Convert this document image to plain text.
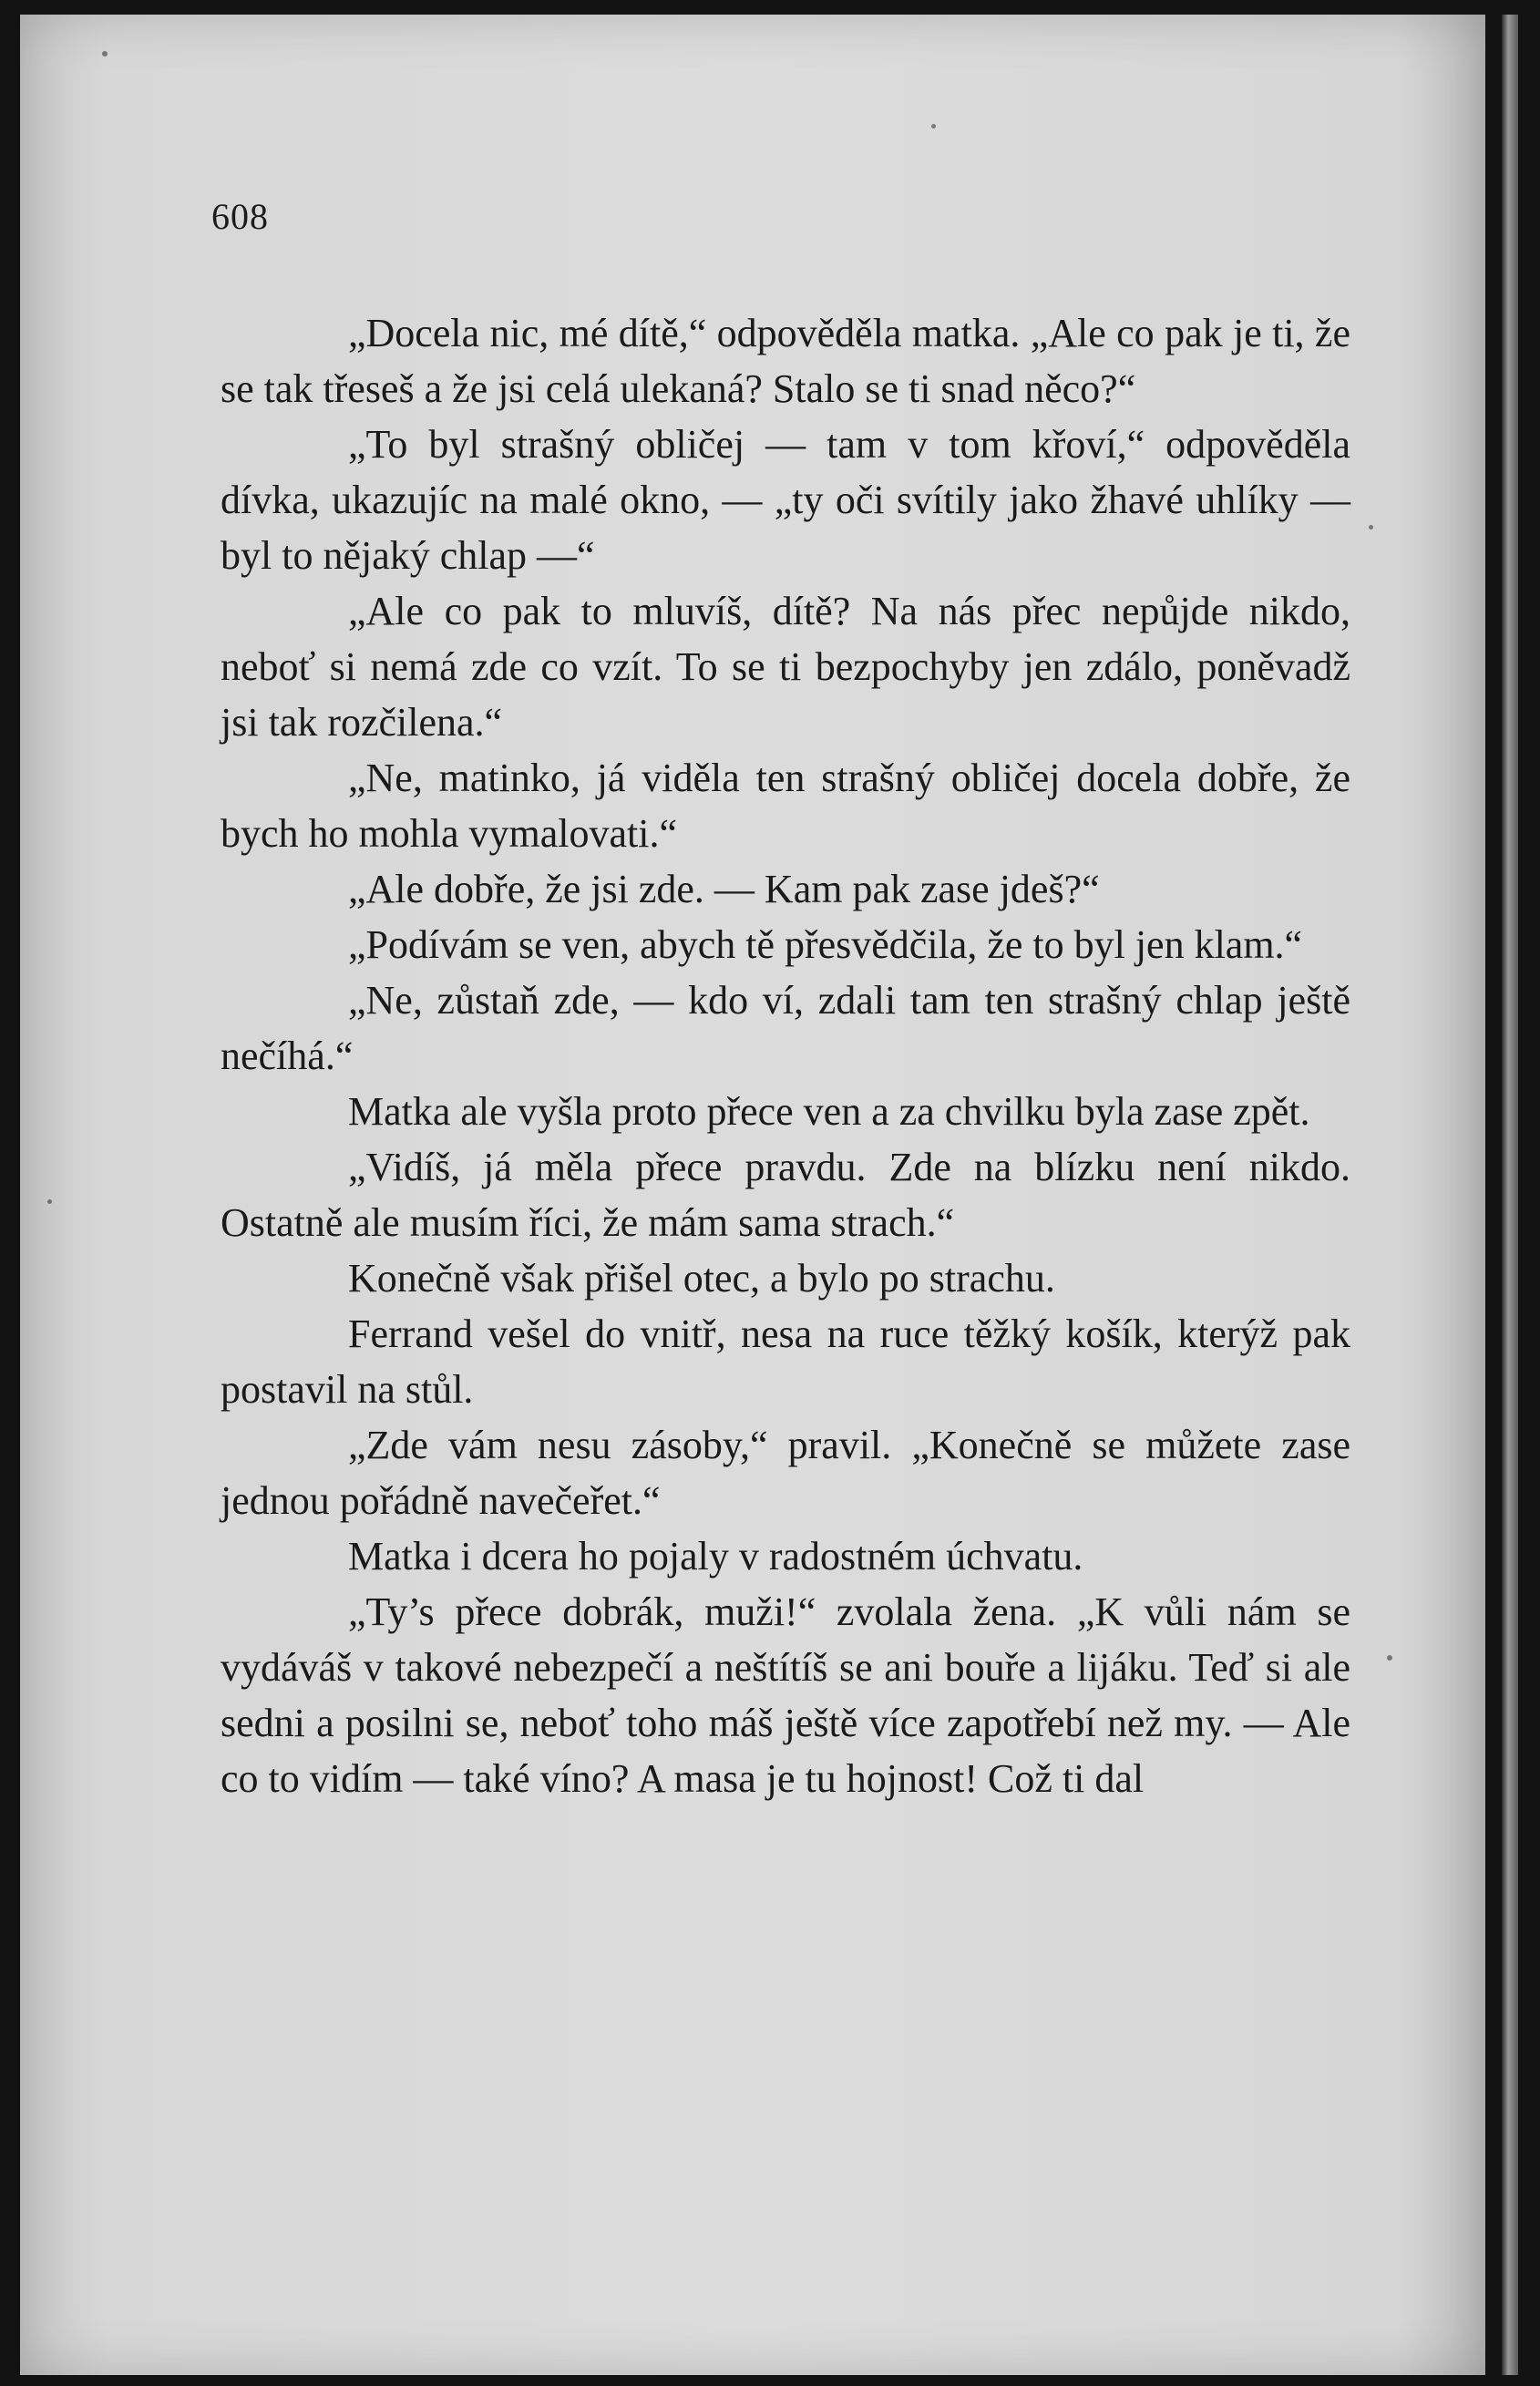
608

„Docela nic, mé dítě,“ odpověděla matka. „Ale co pak je ti, že se tak třeseš a že jsi celá ulekaná? Stalo se ti snad něco?“

„To byl strašný obličej — tam v tom křoví,“ odpověděla dívka, ukazujíc na malé okno, — „ty oči svítily jako žhavé uhlíky — byl to nějaký chlap —“

„Ale co pak to mluvíš, dítě? Na nás přec nepůjde nikdo, neboť si nemá zde co vzít. To se ti bezpochyby jen zdálo, poněvadž jsi tak rozčilena.“

„Ne, matinko, já viděla ten strašný obličej docela dobře, že bych ho mohla vymalovati.“

„Ale dobře, že jsi zde. — Kam pak zase jdeš?“

„Podívám se ven, abych tě přesvědčila, že to byl jen klam.“

„Ne, zůstaň zde, — kdo ví, zdali tam ten strašný chlap ještě nečíhá.“

Matka ale vyšla proto přece ven a za chvilku byla zase zpět.

„Vidíš, já měla přece pravdu. Zde na blízku není nikdo. Ostatně ale musím říci, že mám sama strach.“

Konečně však přišel otec, a bylo po strachu.

Ferrand vešel do vnitř, nesa na ruce těžký košík, kterýž pak postavil na stůl.

„Zde vám nesu zásoby,“ pravil. „Konečně se můžete zase jednou pořádně navečeřet.“

Matka i dcera ho pojaly v radostném úchvatu.

„Ty’s přece dobrák, muži!“ zvolala žena. „K vůli nám se vydáváš v takové nebezpečí a neštítíš se ani bouře a lijáku. Teď si ale sedni a posilni se, neboť toho máš ještě více zapotřebí než my. — Ale co to vidím — také víno? A masa je tu hojnost! Což ti dal
